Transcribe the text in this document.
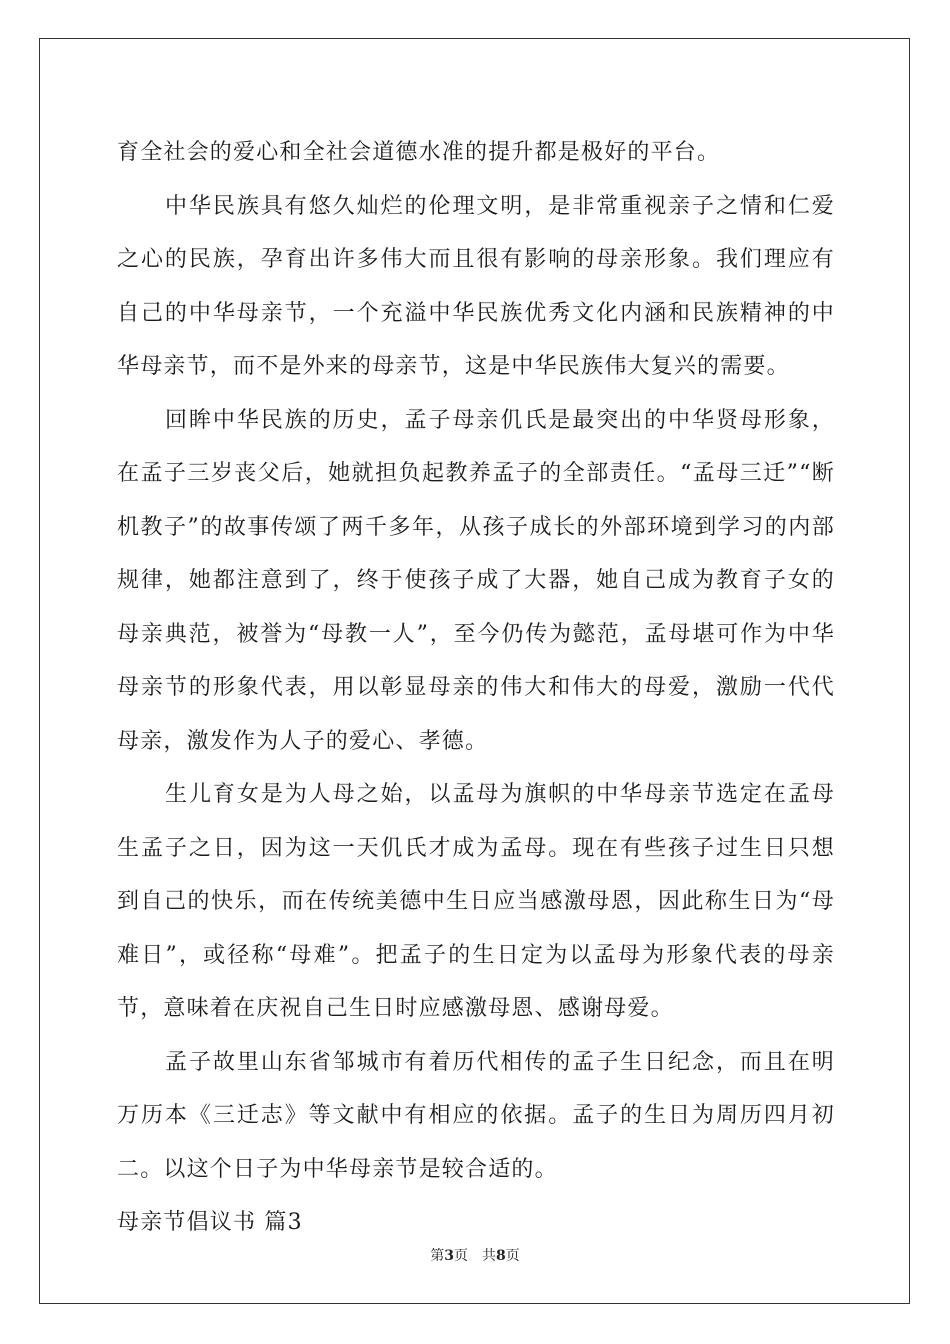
育全社会的爱心和全社会道德水准的提升都是极好的平台。

中华民族具有悠久灿烂的伦理文明，是非常重视亲子之情和仁爱之心的民族，孕育出许多伟大而且很有影响的母亲形象。我们理应有自己的中华母亲节，一个充溢中华民族优秀文化内涵和民族精神的中华母亲节，而不是外来的母亲节，这是中华民族伟大复兴的需要。

回眸中华民族的历史，孟子母亲仉氏是最突出的中华贤母形象，在孟子三岁丧父后，她就担负起教养孟子的全部责任。“孟母三迁”“断机教子”的故事传颂了两千多年，从孩子成长的外部环境到学习的内部规律，她都注意到了，终于使孩子成了大器，她自己成为教育子女的母亲典范，被誉为“母教一人”，至今仍传为懿范，孟母堪可作为中华母亲节的形象代表，用以彰显母亲的伟大和伟大的母爱，激励一代代母亲，激发作为人子的爱心、孝德。

生儿育女是为人母之始，以孟母为旗帜的中华母亲节选定在孟母生孟子之日，因为这一天仉氏才成为孟母。现在有些孩子过生日只想到自己的快乐，而在传统美德中生日应当感激母恩，因此称生日为“母难日”，或径称“母难”。把孟子的生日定为以孟母为形象代表的母亲节，意味着在庆祝自己生日时应感激母恩、感谢母爱。

孟子故里山东省邹城市有着历代相传的孟子生日纪念，而且在明万历本《三迁志》等文献中有相应的依据。孟子的生日为周历四月初二。以这个日子为中华母亲节是较合适的。

母亲节倡议书 篇3

第3页 共8页
